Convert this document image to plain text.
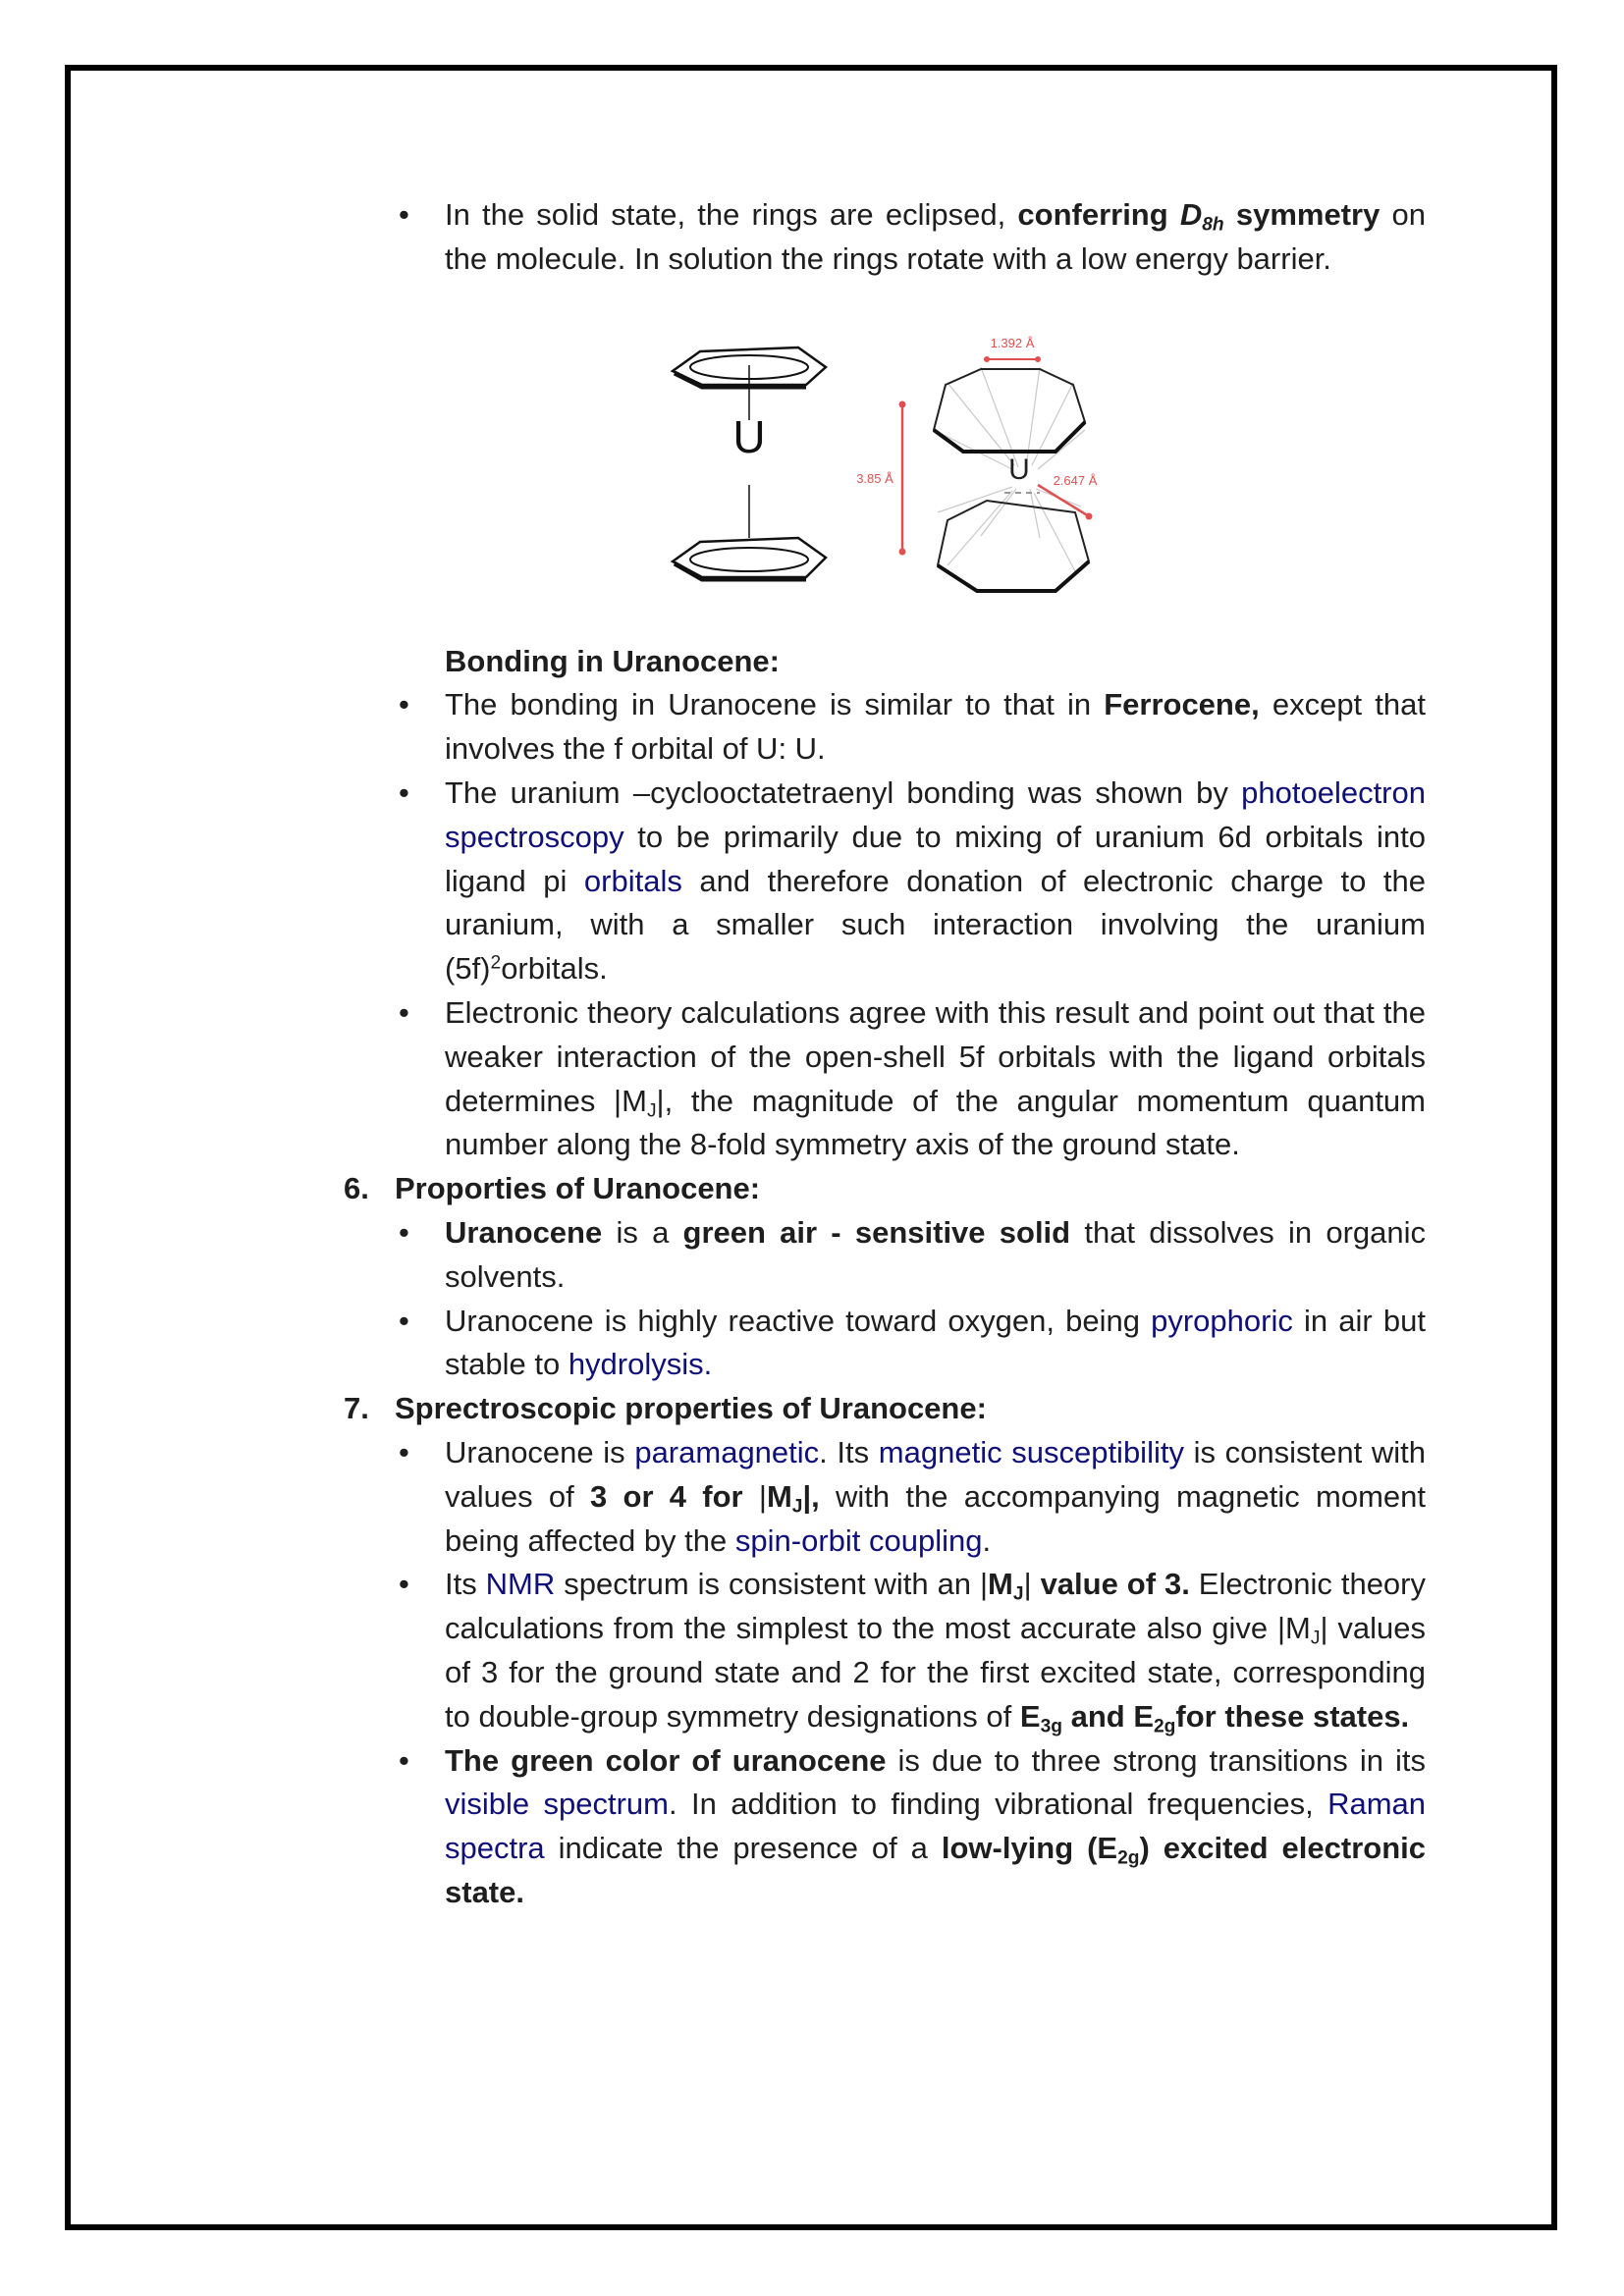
• In the solid state, the rings are eclipsed, conferring $D_{8h}$ symmetry on the molecule. In solution the rings rotate with a low energy barrier.

U
U
1.392 Å
3.85 Å	2.647 Å

Bonding in Uranocene:

• The bonding in Uranocene is similar to that in Ferrocene, except that involves the f orbital of U: U.

• The uranium –cyclooctatetraenyl bonding was shown by photoelectron spectroscopy to be primarily due to mixing of uranium 6d orbitals into ligand pi orbitals and therefore donation of electronic charge to the uranium, with a smaller such interaction involving the uranium $(5f)^2orbitals$.

• Electronic theory calculations agree with this result and point out that the weaker interaction of the open-shell 5f orbitals with the ligand orbitals determines $|M_J|$, the magnitude of the angular momentum quantum number along the 8-fold symmetry axis of the ground state.

6. Proporties of Uranocene:

• Uranocene is a green air - sensitive solid that dissolves in organic solvents.

• Uranocene is highly reactive toward oxygen, being pyrophoric in air but stable to hydrolysis.

7. Sprectroscopic properties of Uranocene:

• Uranocene is paramagnetic. Its magnetic susceptibility is consistent with values of 3 or 4 for $|M_J|$, with the accompanying magnetic moment being affected by the spin-orbit coupling.

• Its NMR spectrum is consistent with an $|M_J|$ value of 3. Electronic theory calculations from the simplest to the most accurate also give $|M_J|$ values of 3 for the ground state and 2 for the first excited state, corresponding to double-group symmetry designations of $E_{3g}$ and $E_{2g}for$ these states.

• The green color of uranocene is due to three strong transitions in its visible spectrum. In addition to finding vibrational frequencies, Raman spectra indicate the presence of a low-lying $(E_{2g})$ excited electronic state.
